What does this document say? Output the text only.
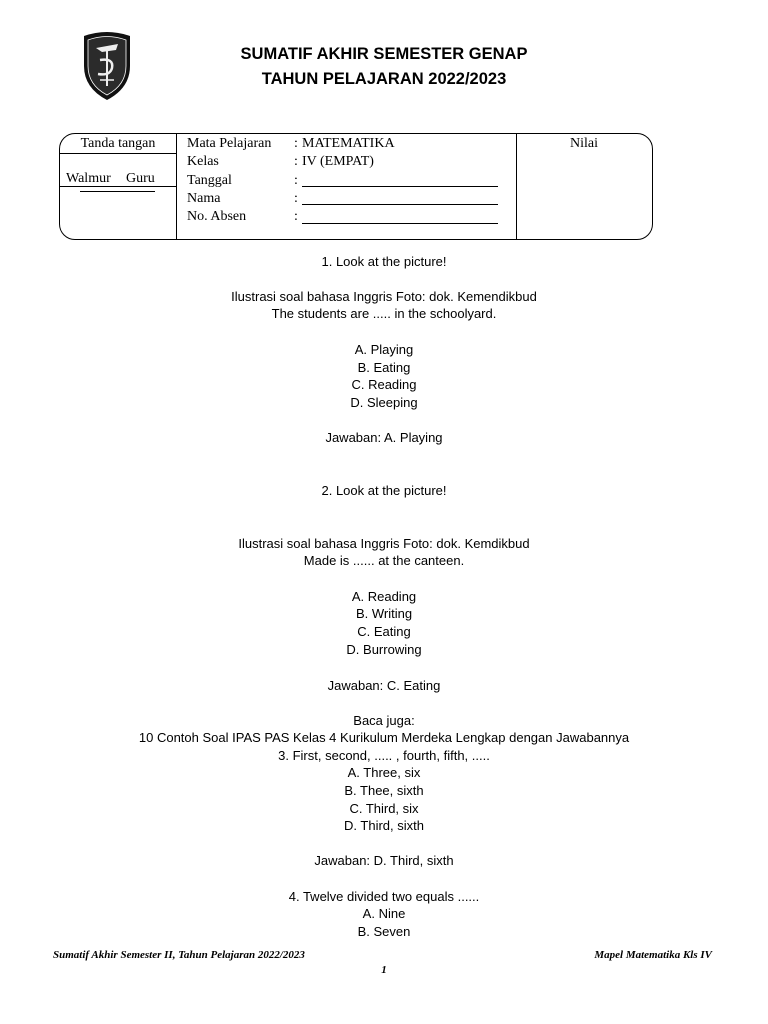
SUMATIF AKHIR SEMESTER GENAP
TAHUN PELAJARAN 2022/2023
Tanda tangan
Walmur Guru
Nilai
Mata Pelajaran : MATEMATIKA
Kelas	: IV (EMPAT)
Tanggal	:
Nama	:
No. Absen	:
1. Look at the picture!
Ilustrasi soal bahasa Inggris Foto: dok. Kemendikbud
The students are ..... in the schoolyard.
A. Playing
B. Eating
C. Reading
D. Sleeping
Jawaban: A. Playing
2. Look at the picture!
Ilustrasi soal bahasa Inggris Foto: dok. Kemdikbud
Made is ...... at the canteen.
A. Reading
B. Writing
C. Eating
D. Burrowing
Jawaban: C. Eating
Baca juga:
10 Contoh Soal IPAS PAS Kelas 4 Kurikulum Merdeka Lengkap dengan Jawabannya
3. First, second, ..... , fourth, fifth, .....
A. Three, six
B. Thee, sixth
C. Third, six
D. Third, sixth
Jawaban: D. Third, sixth
4. Twelve divided two equals ......
A. Nine
B. Seven
Sumatif Akhir Semester II, Tahun Pelajaran 2022/2023	Mapel Matematika Kls IV
1
